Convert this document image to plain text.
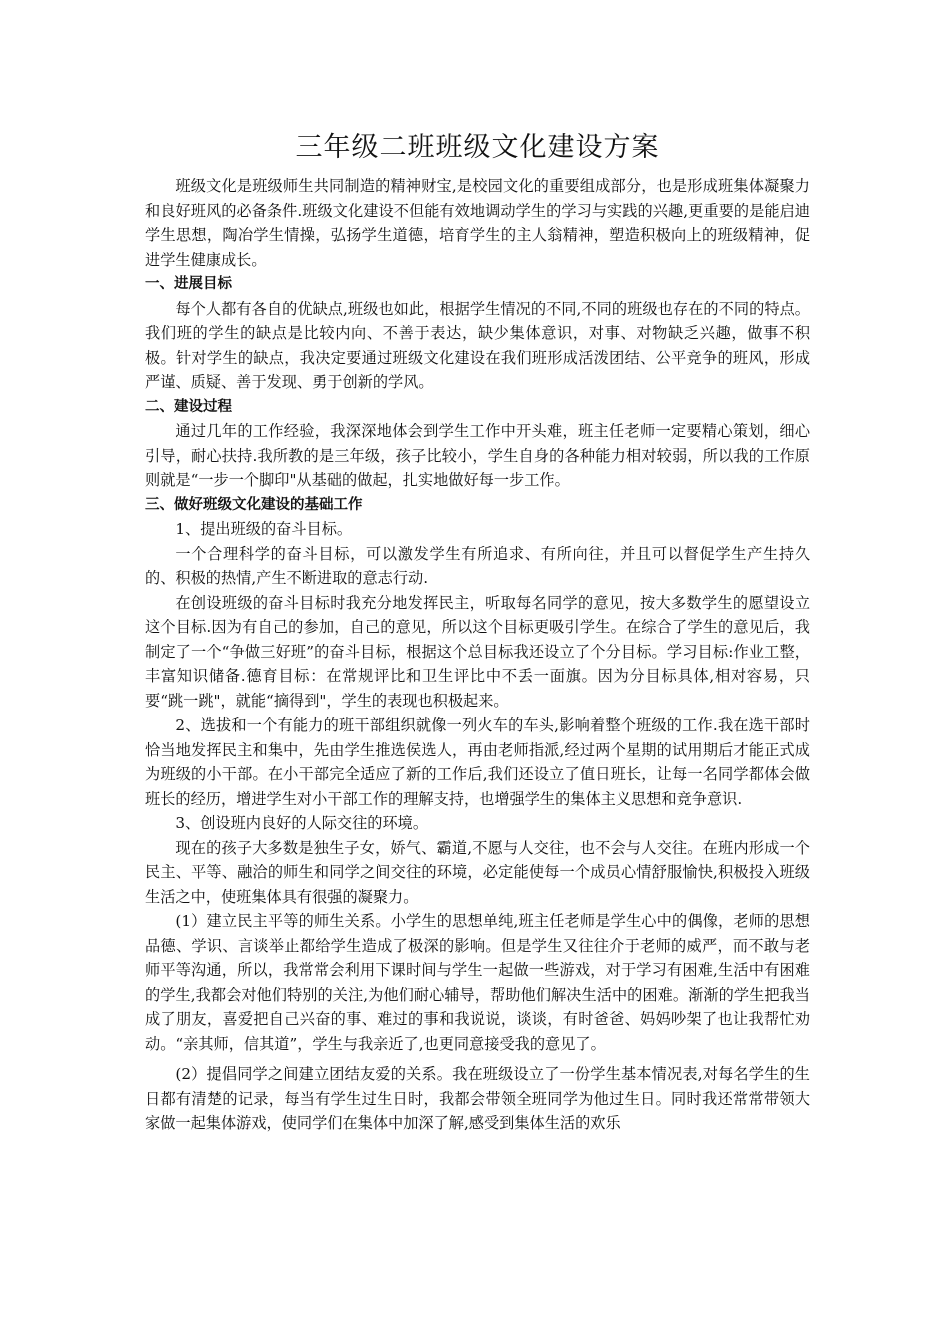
三年级二班班级文化建设方案

班级文化是班级师生共同制造的精神财宝,是校园文化的重要组成部分，也是形成班集体凝聚力和良好班风的必备条件.班级文化建设不但能有效地调动学生的学习与实践的兴趣,更重要的是能启迪学生思想，陶冶学生情操，弘扬学生道德，培育学生的主人翁精神，塑造积极向上的班级精神，促进学生健康成长。

一、进展目标

每个人都有各自的优缺点,班级也如此，根据学生情况的不同,不同的班级也存在的不同的特点。我们班的学生的缺点是比较内向、不善于表达，缺少集体意识，对事、对物缺乏兴趣，做事不积极。针对学生的缺点，我决定要通过班级文化建设在我们班形成活泼团结、公平竞争的班风，形成严谨、质疑、善于发现、勇于创新的学风。

二、建设过程

通过几年的工作经验，我深深地体会到学生工作中开头难，班主任老师一定要精心策划，细心引导，耐心扶持.我所教的是三年级，孩子比较小，学生自身的各种能力相对较弱，所以我的工作原则就是“一步一个脚印"从基础的做起，扎实地做好每一步工作。

三、做好班级文化建设的基础工作

1、提出班级的奋斗目标。

一个合理科学的奋斗目标，可以激发学生有所追求、有所向往，并且可以督促学生产生持久的、积极的热情,产生不断进取的意志行动.

在创设班级的奋斗目标时我充分地发挥民主，听取每名同学的意见，按大多数学生的愿望设立这个目标.因为有自己的参加，自己的意见，所以这个目标更吸引学生。在综合了学生的意见后，我制定了一个“争做三好班”的奋斗目标，根据这个总目标我还设立了个分目标。学习目标:作业工整，丰富知识储备.德育目标：在常规评比和卫生评比中不丢一面旗。因为分目标具体,相对容易，只要“跳一跳"，就能“摘得到"，学生的表现也积极起来。

2、选拔和一个有能力的班干部组织就像一列火车的车头,影响着整个班级的工作.我在选干部时恰当地发挥民主和集中，先由学生推选侯选人，再由老师指派,经过两个星期的试用期后才能正式成为班级的小干部。在小干部完全适应了新的工作后,我们还设立了值日班长，让每一名同学都体会做班长的经历，增进学生对小干部工作的理解支持，也增强学生的集体主义思想和竞争意识.

3、创设班内良好的人际交往的环境。

现在的孩子大多数是独生子女，娇气、霸道,不愿与人交往，也不会与人交往。在班内形成一个民主、平等、融洽的师生和同学之间交往的环境，必定能使每一个成员心情舒服愉快,积极投入班级生活之中，使班集体具有很强的凝聚力。

(1）建立民主平等的师生关系。小学生的思想单纯,班主任老师是学生心中的偶像，老师的思想品德、学识、言谈举止都给学生造成了极深的影响。但是学生又往往介于老师的威严，而不敢与老师平等沟通，所以，我常常会利用下课时间与学生一起做一些游戏，对于学习有困难,生活中有困难的学生,我都会对他们特别的关注,为他们耐心辅导，帮助他们解决生活中的困难。渐渐的学生把我当成了朋友，喜爱把自己兴奋的事、难过的事和我说说，谈谈，有时爸爸、妈妈吵架了也让我帮忙劝动。“亲其师，信其道”，学生与我亲近了,也更同意接受我的意见了。

(2）提倡同学之间建立团结友爱的关系。我在班级设立了一份学生基本情况表,对每名学生的生日都有清楚的记录，每当有学生过生日时，我都会带领全班同学为他过生日。同时我还常常带领大家做一起集体游戏，使同学们在集体中加深了解,感受到集体生活的欢乐
